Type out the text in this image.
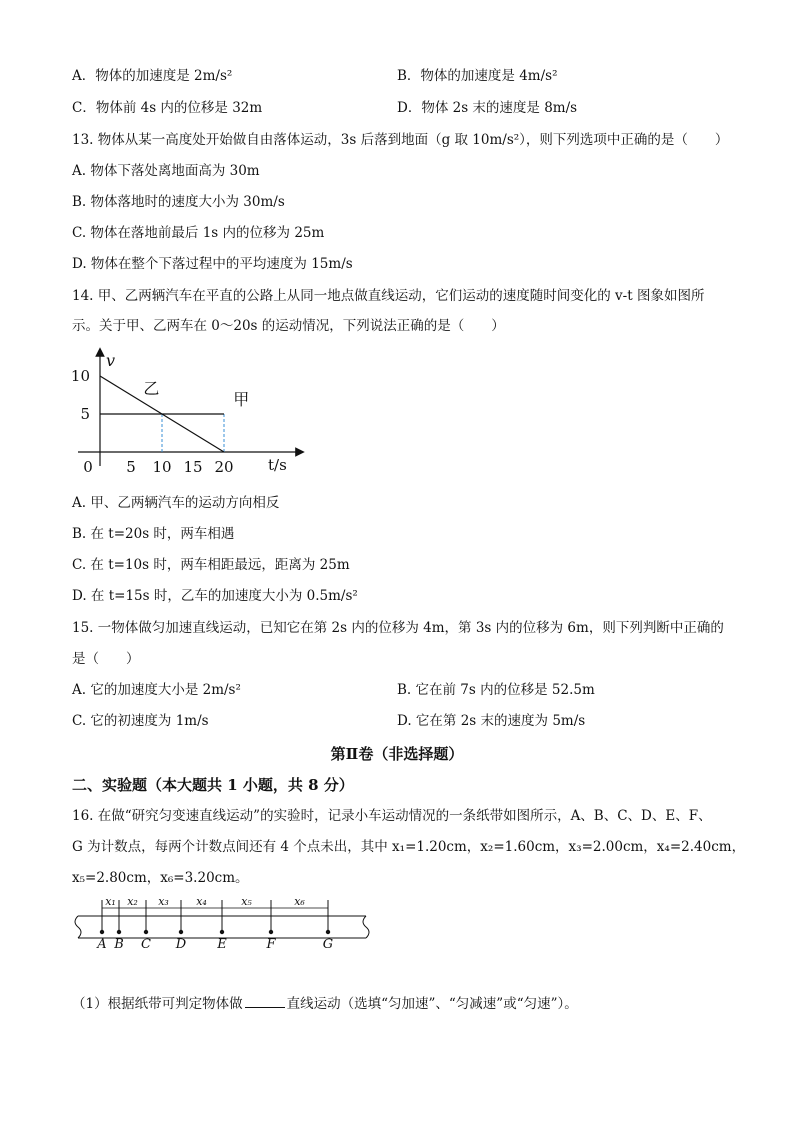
A．物体的加速度是 2m/s²	B．物体的加速度是 4m/s²
C．物体前 4s 内的位移是 32m	D．物体 2s 末的速度是 8m/s
13. 物体从某一高度处开始做自由落体运动，3s 后落到地面（g 取 10m/s²），则下列选项中正确的是（　　）
A. 物体下落处离地面高为 30m
B. 物体落地时的速度大小为 30m/s
C. 物体在落地前最后 1s 内的位移为 25m
D. 物体在整个下落过程中的平均速度为 15m/s
14. 甲、乙两辆汽车在平直的公路上从同一地点做直线运动，它们运动的速度随时间变化的 v-t 图象如图所
示。关于甲、乙两车在 0～20s 的运动情况，下列说法正确的是（　　）
v
t/s
0 5 10 15 20
5
10
乙
甲
A. 甲、乙两辆汽车的运动方向相反
B. 在 t=20s 时，两车相遇
C. 在 t=10s 时，两车相距最远，距离为 25m
D. 在 t=15s 时，乙车的加速度大小为 0.5m/s²
15. 一物体做匀加速直线运动，已知它在第 2s 内的位移为 4m，第 3s 内的位移为 6m，则下列判断中正确的
是（　　）
A. 它的加速度大小是 2m/s²	B. 它在前 7s 内的位移是 52.5m
C. 它的初速度为 1m/s	D. 它在第 2s 末的速度为 5m/s
第Ⅱ卷（非选择题）
二、实验题（本大题共 1 小题，共 8 分）
16. 在做“研究匀变速直线运动”的实验时，记录小车运动情况的一条纸带如图所示，A、B、C、D、E、F、
G 为计数点，每两个计数点间还有 4 个点未出，其中 x₁=1.20cm，x₂=1.60cm，x₃=2.00cm，x₄=2.40cm，
x₅=2.80cm，x₆=3.20cm。
A B C D E	F	G
x₁ x₂ x₃ x₄	x₅	x₆
（1）根据纸带可判定物体做	直线运动（选填“匀加速”、“匀减速”或“匀速”）。
